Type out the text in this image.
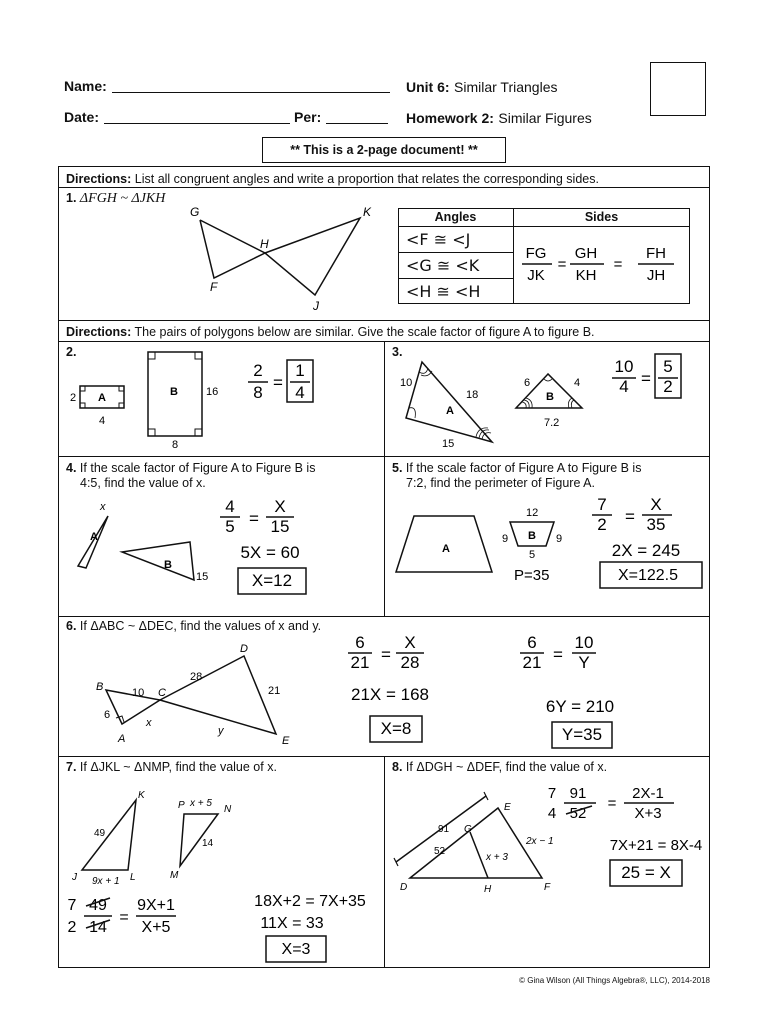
Name:
Date:	Per:
Unit 6: Similar Triangles
Homework 2: Similar Figures
** This is a 2-page document! **
Directions: List all congruent angles and write a proportion that relates the corresponding sides.
1. ΔFGH ~ ΔJKH
G	K
H
F
J
Angles	Sides
<F ≅ <J
<G ≅ <K
<H ≅ <H
FG
JK
=
GH
KH
=
FH
JH
Directions: The pairs of polygons below are similar. Give the scale factor of figure A to figure B.
2.
A	B
2
4
16
8
2
8
=
1
4
3.
A
B
10
18
15
6	4
7.2
10
4 =
5
2
4. If the scale factor of Figure A to Figure B is
4:5, find the value of x.
x
A
B
15
4
5 =
X
15
5X = 60
X=12
5. If the scale factor of Figure A to Figure B is
7:2, find the perimeter of Figure A.
A
B
12
9	9
5
P=35
7
2 =
X
35
2X = 245
X=122.5
6. If ΔABC ~ ΔDEC, find the values of x and y.
D
B	C
A	E
28
10	21
6
x
y
6
21 =
X
28
21X = 168
X=8
6
21 =
10
Y
6Y = 210
Y=35
7. If ΔJKL ~ ΔNMP, find the value of x.
K
J	L
P	N
M
49
9x + 1
x + 5
14
7 49
2 14
=
9X+1
X+5
18X+2 = 7X+35
11X = 33
X=3
8. If ΔDGH ~ ΔDEF, find the value of x.
E
G
D	H	F
91
52
2x − 1
x + 3
7 91
4 52
=
2X-1
X+3
7X+21 = 8X-4
25 = X
© Gina Wilson (All Things Algebra®, LLC), 2014-2018
